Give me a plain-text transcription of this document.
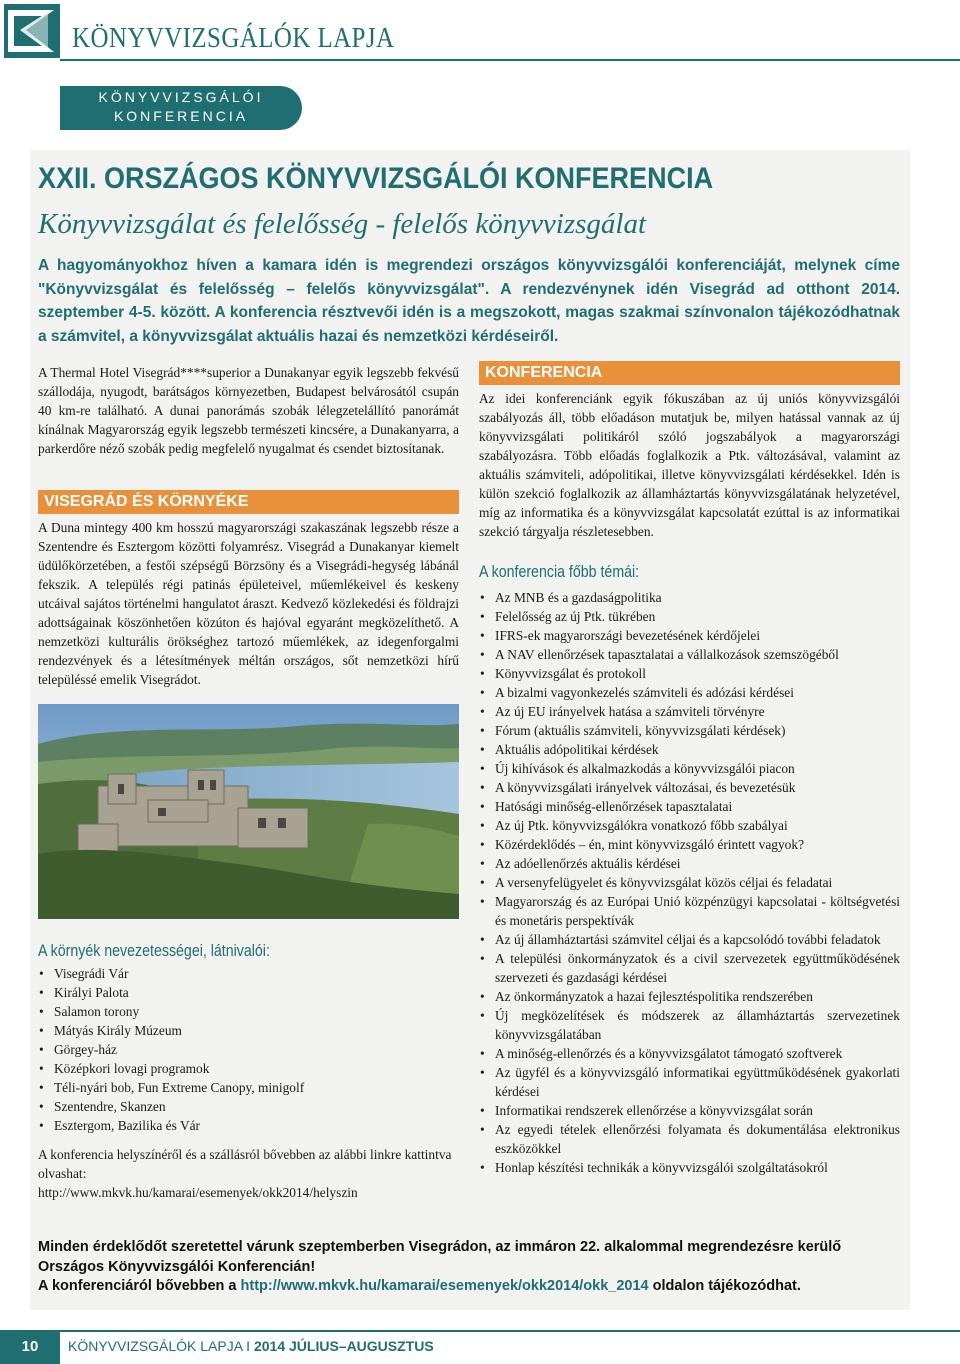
KÖNYVVIZSGÁLÓK LAPJA
KÖNYVVIZSGÁLÓI
KONFERENCIA
XXII. ORSZÁGOS KÖNYVVIZSGÁLÓI KONFERENCIA
Könyvvizsgálat és felelősség - felelős könyvvizsgálat
A hagyományokhoz híven a kamara idén is megrendezi országos könyvvizsgálói konferenciáját, melynek címe "Könyvvizsgálat és felelősség – felelős könyvvizsgálat". A rendezvénynek idén Visegrád ad otthont 2014. szeptember 4-5. között. A konferencia résztvevői idén is a megszokott, magas szakmai színvonalon tájékozódhatnak a számvitel, a könyvvizsgálat aktuális hazai és nemzetközi kérdéseiről.

A Thermal Hotel Visegrád****superior a Dunakanyar egyik legszebb fekvésű szállodája, nyugodt, barátságos környezetben, Budapest belvárosától csupán 40 km-re található. A dunai panorámás szobák lélegzetelállító panorámát kínálnak Magyarország egyik legszebb természeti kincsére, a Dunakanyarra, a parkerdőre néző szobák pedig megfelelő nyugalmat és csendet biztosítanak.

VISEGRÁD ÉS KÖRNYÉKE

A Duna mintegy 400 km hosszú magyarországi szakaszának legszebb része a Szentendre és Esztergom közötti folyamrész. Visegrád a Dunakanyar kiemelt üdülőkörzetében, a festői szépségű Börzsöny és a Visegrádi-hegység lábánál fekszik. A település régi patinás épületeivel, műemlékeivel és keskeny utcáival sajátos történelmi hangulatot áraszt. Kedvező közlekedési és földrajzi adottságainak köszönhetően közúton és hajóval egyaránt megközelíthető. A nemzetközi kulturális örökséghez tartozó műemlékek, az idegenforgalmi rendezvények és a létesítmények méltán országos, sőt nemzetközi hírű településsé emelik Visegrádot.

A környék nevezetességei, látnivalói:
• Visegrádi Vár
• Királyi Palota
• Salamon torony
• Mátyás Király Múzeum
• Görgey-ház
• Középkori lovagi programok
• Téli-nyári bob, Fun Extreme Canopy, minigolf
• Szentendre, Skanzen
• Esztergom, Bazilika és Vár

A konferencia helyszínéről és a szállásról bővebben az alábbi linkre kattintva olvashat:

http://www.mkvk.hu/kamarai/esemenyek/okk2014/helyszin

KONFERENCIA

Az idei konferenciánk egyik fókuszában az új uniós könyvvizsgálói szabályozás áll, több előadáson mutatjuk be, milyen hatással vannak az új könyvvizsgálati politikáról szóló jogszabályok a magyarországi szabályozásra. Több előadás foglalkozik a Ptk. változásával, valamint az aktuális számviteli, adópolitikai, illetve könyvvizsgálati kérdésekkel. Idén is külön szekció foglalkozik az államháztartás könyvvizsgálatának helyzetével, míg az informatika és a könyvvizsgálat kapcsolatát ezúttal is az informatikai szekció tárgyalja részletesebben.

A konferencia főbb témái:
• Az MNB és a gazdaságpolitika
• Felelősség az új Ptk. tükrében
• IFRS-ek magyarországi bevezetésének kérdőjelei
• A NAV ellenőrzések tapasztalatai a vállalkozások szemszögéből
• Könyvvizsgálat és protokoll
• A bizalmi vagyonkezelés számviteli és adózási kérdései
• Az új EU irányelvek hatása a számviteli törvényre
• Fórum (aktuális számviteli, könyvvizsgálati kérdések)
• Aktuális adópolitikai kérdések
• Új kihívások és alkalmazkodás a könyvvizsgálói piacon
• A könyvvizsgálati irányelvek változásai, és bevezetésük
• Hatósági minőség-ellenőrzések tapasztalatai
• Az új Ptk. könyvvizsgálókra vonatkozó főbb szabályai
• Közérdeklődés – én, mint könyvvizsgáló érintett vagyok?
• Az adóellenőrzés aktuális kérdései
• A versenyfelügyelet és könyvvizsgálat közös céljai és feladatai
• Magyarország és az Európai Unió közpénzügyi kapcsolatai - költségvetési és monetáris perspektívák
• Az új államháztartási számvitel céljai és a kapcsolódó további feladatok
• A települési önkormányzatok és a civil szervezetek együttműködésének szervezeti és gazdasági kérdései
• Az önkormányzatok a hazai fejlesztéspolitika rendszerében
• Új megközelítések és módszerek az államháztartás szervezetinek könyvvizsgálatában
• A minőség-ellenőrzés és a könyvvizsgálatot támogató szoftverek
• Az ügyfél és a könyvvizsgáló informatikai együttműködésének gyakorlati kérdései
• Informatikai rendszerek ellenőrzése a könyvvizsgálat során
• Az egyedi tételek ellenőrzési folyamata és dokumentálása elektronikus eszközökkel
• Honlap készítési technikák a könyvvizsgálói szolgáltatásokról
Minden érdeklődőt szeretettel várunk szeptemberben Visegrádon, az immáron 22. alkalommal megrendezésre kerülő Országos Könyvvizsgálói Konferencián!
A konferenciáról bővebben a http://www.mkvk.hu/kamarai/esemenyek/okk2014/okk_2014 oldalon tájékozódhat.
10	KÖNYVVIZSGÁLÓK LAPJA I 2014 JÚLIUS–AUGUSZTUS
